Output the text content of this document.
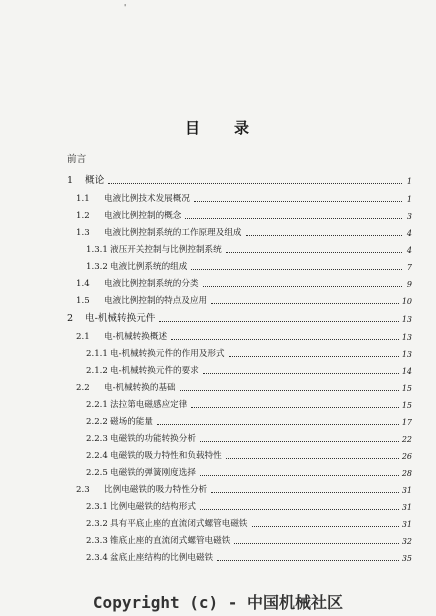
'
目 录
前言
1	概论	1
1.1	电液比例技术发展概况	1
1.2	电液比例控制的概念	3
1.3	电液比例控制系统的工作原理及组成	4
1.3.1 液压开关控制与比例控制系统	4
1.3.2 电液比例系统的组成	7
1.4	电液比例控制系统的分类	9
1.5	电液比例控制的特点及应用	10
2	电-机械转换元件	13
2.1	电-机械转换概述	13
2.1.1 电-机械转换元件的作用及形式	13
2.1.2 电-机械转换元件的要求	14
2.2	电-机械转换的基础	15
2.2.1 法拉第电磁感应定律	15
2.2.2 磁场的能量	17
2.2.3 电磁铁的功能转换分析	22
2.2.4 电磁铁的吸力特性和负载特性	26
2.2.5 电磁铁的弹簧刚度选择	28
2.3	比例电磁铁的吸力特性分析	31
2.3.1 比例电磁铁的结构形式	31
2.3.2 具有平底止座的直流闭式螺管电磁铁	31
2.3.3 锥底止座的直流闭式螺管电磁铁	32
2.3.4 盆底止座结构的比例电磁铁	35
Copyright (c) - 中国机械社区
